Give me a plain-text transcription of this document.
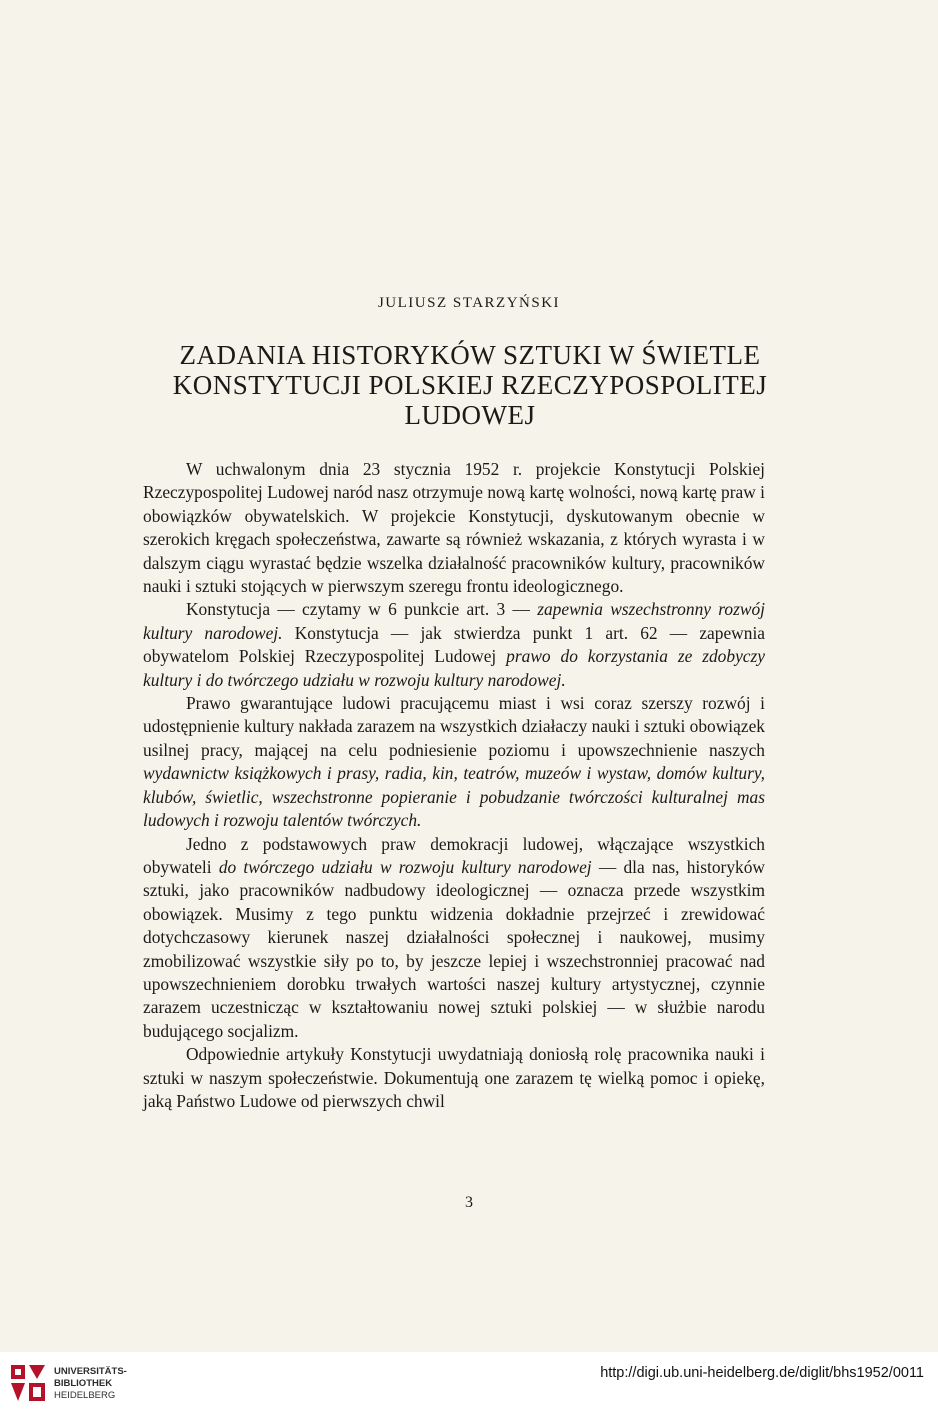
JULIUSZ STARZYŃSKI
ZADANIA HISTORYKÓW SZTUKI W ŚWIETLE
KONSTYTUCJI POLSKIEJ RZECZYPOSPOLITEJ
LUDOWEJ

W uchwalonym dnia 23 stycznia 1952 r. projekcie Konstytucji Polskiej Rzeczypospolitej Ludowej naród nasz otrzymuje nową kartę wolności, nową kartę praw i obowiązków obywatelskich. W projekcie Konstytucji, dyskutowanym obecnie w szerokich kręgach społeczeństwa, zawarte są również wskazania, z których wyrasta i w dalszym ciągu wyrastać będzie wszelka działalność pracowników kultury, pracowników nauki i sztuki stojących w pierwszym szeregu frontu ideologicznego.

Konstytucja — czytamy w 6 punkcie art. 3 — zapewnia wszechstronny rozwój kultury narodowej. Konstytucja — jak stwierdza punkt 1 art. 62 — zapewnia obywatelom Polskiej Rzeczypospolitej Ludowej prawo do korzystania ze zdobyczy kultury i do twórczego udziału w rozwoju kultury narodowej.

Prawo gwarantujące ludowi pracującemu miast i wsi coraz szerszy rozwój i udostępnienie kultury nakłada zarazem na wszystkich działaczy nauki i sztuki obowiązek usilnej pracy, mającej na celu podniesienie poziomu i upowszechnienie naszych wydawnictw książkowych i prasy, radia, kin, teatrów, muzeów i wystaw, domów kultury, klubów, świetlic, wszechstronne popieranie i pobudzanie twórczości kulturalnej mas ludowych i rozwoju talentów twórczych.

Jedno z podstawowych praw demokracji ludowej, włączające wszystkich obywateli do twórczego udziału w rozwoju kultury narodowej — dla nas, historyków sztuki, jako pracowników nadbudowy ideologicznej — oznacza przede wszystkim obowiązek. Musimy z tego punktu widzenia dokładnie przejrzeć i zrewidować dotychczasowy kierunek naszej działalności społecznej i naukowej, musimy zmobilizować wszystkie siły po to, by jeszcze lepiej i wszechstronniej pracować nad upowszechnieniem dorobku trwałych wartości naszej kultury artystycznej, czynnie zarazem uczestnicząc w kształtowaniu nowej sztuki polskiej — w służbie narodu budującego socjalizm.

Odpowiednie artykuły Konstytucji uwydatniają doniosłą rolę pracownika nauki i sztuki w naszym społeczeństwie. Dokumentują one zarazem tę wielką pomoc i opiekę, jaką Państwo Ludowe od pierwszych chwil

3
UNIVERSITÄTS-
BIBLIOTHEK
HEIDELBERG
http://digi.ub.uni-heidelberg.de/diglit/bhs1952/0011
